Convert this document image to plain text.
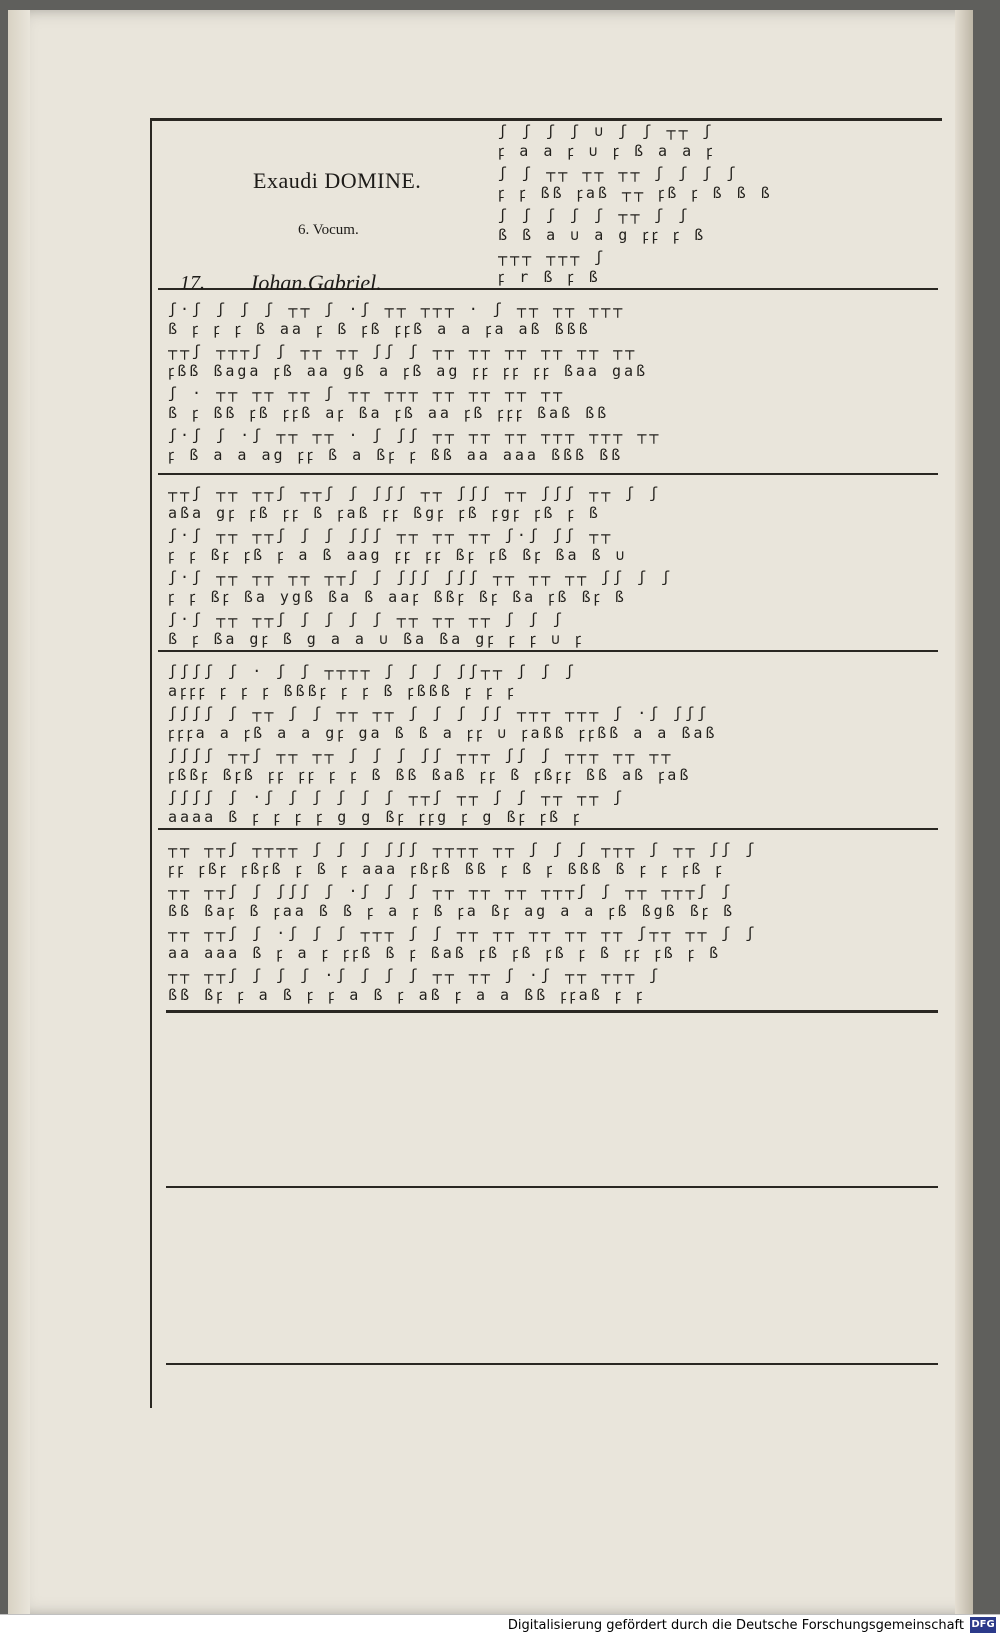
Exaudi DOMINE.
6. Vocum.
17. Iohan.Gabriel.
ʃ ʃ ʃ ʃ ∪ ʃ ʃ ┬┬ ʃ
ꝼ a a ꝼ ∪ ꝼ ß a a ꝼ
ʃ ʃ ┬┬ ┬┬ ┬┬ ʃ ʃ ʃ ʃ
ꝼ ꝼ ßß ꝼaß ┬┬ ꝼß ꝼ ß ß ß
ʃ ʃ ʃ ʃ ʃ ┬┬ ʃ ʃ
ß ß a ∪ a g ꝼꝼ ꝼ ß
┬┬┬ ┬┬┬ ʃ
ꝼ r ß ꝼ ß
ʃ·ʃ ʃ ʃ ʃ ┬┬ ʃ ·ʃ ┬┬ ┬┬┬ · ʃ ┬┬ ┬┬ ┬┬┬
ß ꝼ ꝼ ꝼ ß aa ꝼ ß ꝼß ꝼꝼß a a ꝼa aß ßßß
┬┬ʃ ┬┬┬ʃ ʃ ┬┬ ┬┬ ʃʃ ʃ ┬┬ ┬┬ ┬┬ ┬┬ ┬┬ ┬┬
ꝼßß ßaga ꝼß aa gß a ꝼß ag ꝼꝼ ꝼꝼ ꝼꝼ ßaa gaß
ʃ · ┬┬ ┬┬ ┬┬ ʃ ┬┬ ┬┬┬ ┬┬ ┬┬ ┬┬ ┬┬
ß ꝼ ßß ꝼß ꝼꝼß aꝼ ßa ꝼß aa ꝼß ꝼꝼꝼ ßaß ßß
ʃ·ʃ ʃ ·ʃ ┬┬ ┬┬ · ʃ ʃʃ ┬┬ ┬┬ ┬┬ ┬┬┬ ┬┬┬ ┬┬
ꝼ ß a a ag ꝼꝼ ß a ßꝼ ꝼ ßß aa aaa ßßß ßß
┬┬ʃ ┬┬ ┬┬ʃ ┬┬ʃ ʃ ʃʃʃ ┬┬ ʃʃʃ ┬┬ ʃʃʃ ┬┬ ʃ ʃ
aßa gꝼ ꝼß ꝼꝼ ß ꝼaß ꝼꝼ ßgꝼ ꝼß ꝼgꝼ ꝼß ꝼ ß
ʃ·ʃ ┬┬ ┬┬ʃ ʃ ʃ ʃʃʃ ┬┬ ┬┬ ┬┬ ʃ·ʃ ʃʃ ┬┬
ꝼ ꝼ ßꝼ ꝼß ꝼ a ß aag ꝼꝼ ꝼꝼ ßꝼ ꝼß ßꝼ ßa ß ∪
ʃ·ʃ ┬┬ ┬┬ ┬┬ ┬┬ʃ ʃ ʃʃʃ ʃʃʃ ┬┬ ┬┬ ┬┬ ʃʃ ʃ ʃ
ꝼ ꝼ ßꝼ ßa ygß ßa ß aaꝼ ßßꝼ ßꝼ ßa ꝼß ßꝼ ß
ʃ·ʃ ┬┬ ┬┬ʃ ʃ ʃ ʃ ʃ ┬┬ ┬┬ ┬┬ ʃ ʃ ʃ
ß ꝼ ßa gꝼ ß g a a ∪ ßa ßa gꝼ ꝼ ꝼ ∪ ꝼ
ʃʃʃʃ ʃ · ʃ ʃ ┬┬┬┬ ʃ ʃ ʃ ʃʃ┬┬ ʃ ʃ ʃ
aꝼꝼꝼ ꝼ ꝼ ꝼ ßßßꝼ ꝼ ꝼ ß ꝼßßß ꝼ ꝼ ꝼ
ʃʃʃʃ ʃ ┬┬ ʃ ʃ ┬┬ ┬┬ ʃ ʃ ʃ ʃʃ ┬┬┬ ┬┬┬ ʃ ·ʃ ʃʃʃ
ꝼꝼꝼa a ꝼß a a gꝼ ga ß ß a ꝼꝼ ∪ ꝼaßß ꝼꝼßß a a ßaß
ʃʃʃʃ ┬┬ʃ ┬┬ ┬┬ ʃ ʃ ʃ ʃʃ ┬┬┬ ʃʃ ʃ ┬┬┬ ┬┬ ┬┬
ꝼßßꝼ ßꝼß ꝼꝼ ꝼꝼ ꝼ ꝼ ß ßß ßaß ꝼꝼ ß ꝼßꝼꝼ ßß aß ꝼaß
ʃʃʃʃ ʃ ·ʃ ʃ ʃ ʃ ʃ ʃ ┬┬ʃ ┬┬ ʃ ʃ ┬┬ ┬┬ ʃ
aaaa ß ꝼ ꝼ ꝼ ꝼ g g ßꝼ ꝼꝼg ꝼ g ßꝼ ꝼß ꝼ
┬┬ ┬┬ʃ ┬┬┬┬ ʃ ʃ ʃ ʃʃʃ ┬┬┬┬ ┬┬ ʃ ʃ ʃ ┬┬┬ ʃ ┬┬ ʃʃ ʃ
ꝼꝼ ꝼßꝼ ꝼßꝼß ꝼ ß ꝼ aaa ꝼßꝼß ßß ꝼ ß ꝼ ßßß ß ꝼ ꝼ ꝼß ꝼ
┬┬ ┬┬ʃ ʃ ʃʃʃ ʃ ·ʃ ʃ ʃ ┬┬ ┬┬ ┬┬ ┬┬┬ʃ ʃ ┬┬ ┬┬┬ʃ ʃ
ßß ßaꝼ ß ꝼaa ß ß ꝼ a ꝼ ß ꝼa ßꝼ ag a a ꝼß ßgß ßꝼ ß
┬┬ ┬┬ʃ ʃ ·ʃ ʃ ʃ ┬┬┬ ʃ ʃ ┬┬ ┬┬ ┬┬ ┬┬ ┬┬ ʃ┬┬ ┬┬ ʃ ʃ
aa aaa ß ꝼ a ꝼ ꝼꝼß ß ꝼ ßaß ꝼß ꝼß ꝼß ꝼ ß ꝼꝼ ꝼß ꝼ ß
┬┬ ┬┬ʃ ʃ ʃ ʃ ·ʃ ʃ ʃ ʃ ┬┬ ┬┬ ʃ ·ʃ ┬┬ ┬┬┬ ʃ
ßß ßꝼ ꝼ a ß ꝼ ꝼ a ß ꝼ aß ꝼ a a ßß ꝼꝼaß ꝼ ꝼ
Digitalisierung gefördert durch die Deutsche Forschungsgemeinschaft DFG
